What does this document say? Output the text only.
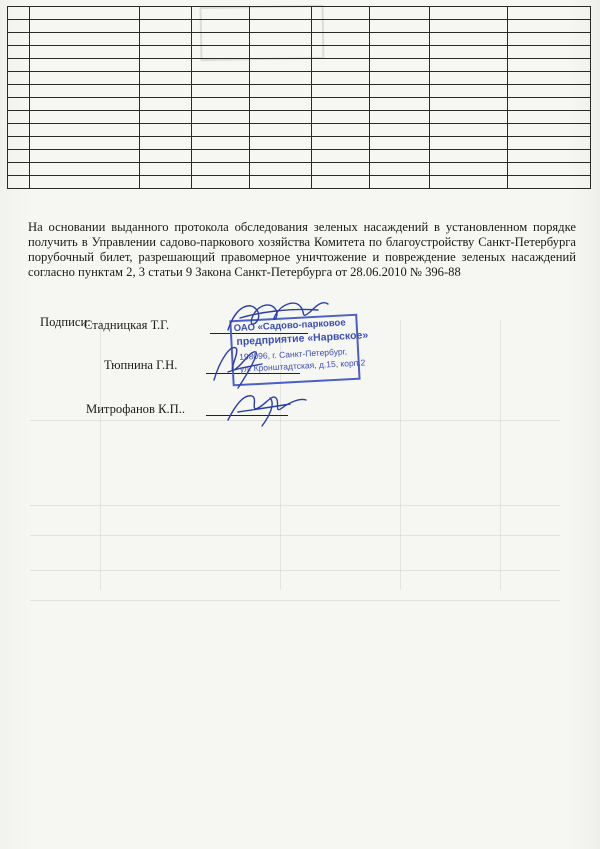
На основании выданного протокола обследования зеленых насаждений в установленном порядке получить в Управлении садово-паркового хозяйства Комитета по благоустройству Санкт-Петербурга порубочный билет, разрешающий правомерное уничтожение и повреждение зеленых насаждений согласно пунктам 2, 3 статьи 9 Закона Санкт-Петербурга от 28.06.2010 № 396-88

Подписи:
Стадницкая Т.Г.
Тюпнина Г.Н.
Митрофанов К.П..
ОАО «Садово-парковое
предприятие «Нарвское»
198096, г. Санкт-Петербург,
ул. Кронштадтская, д.15, корп.2
